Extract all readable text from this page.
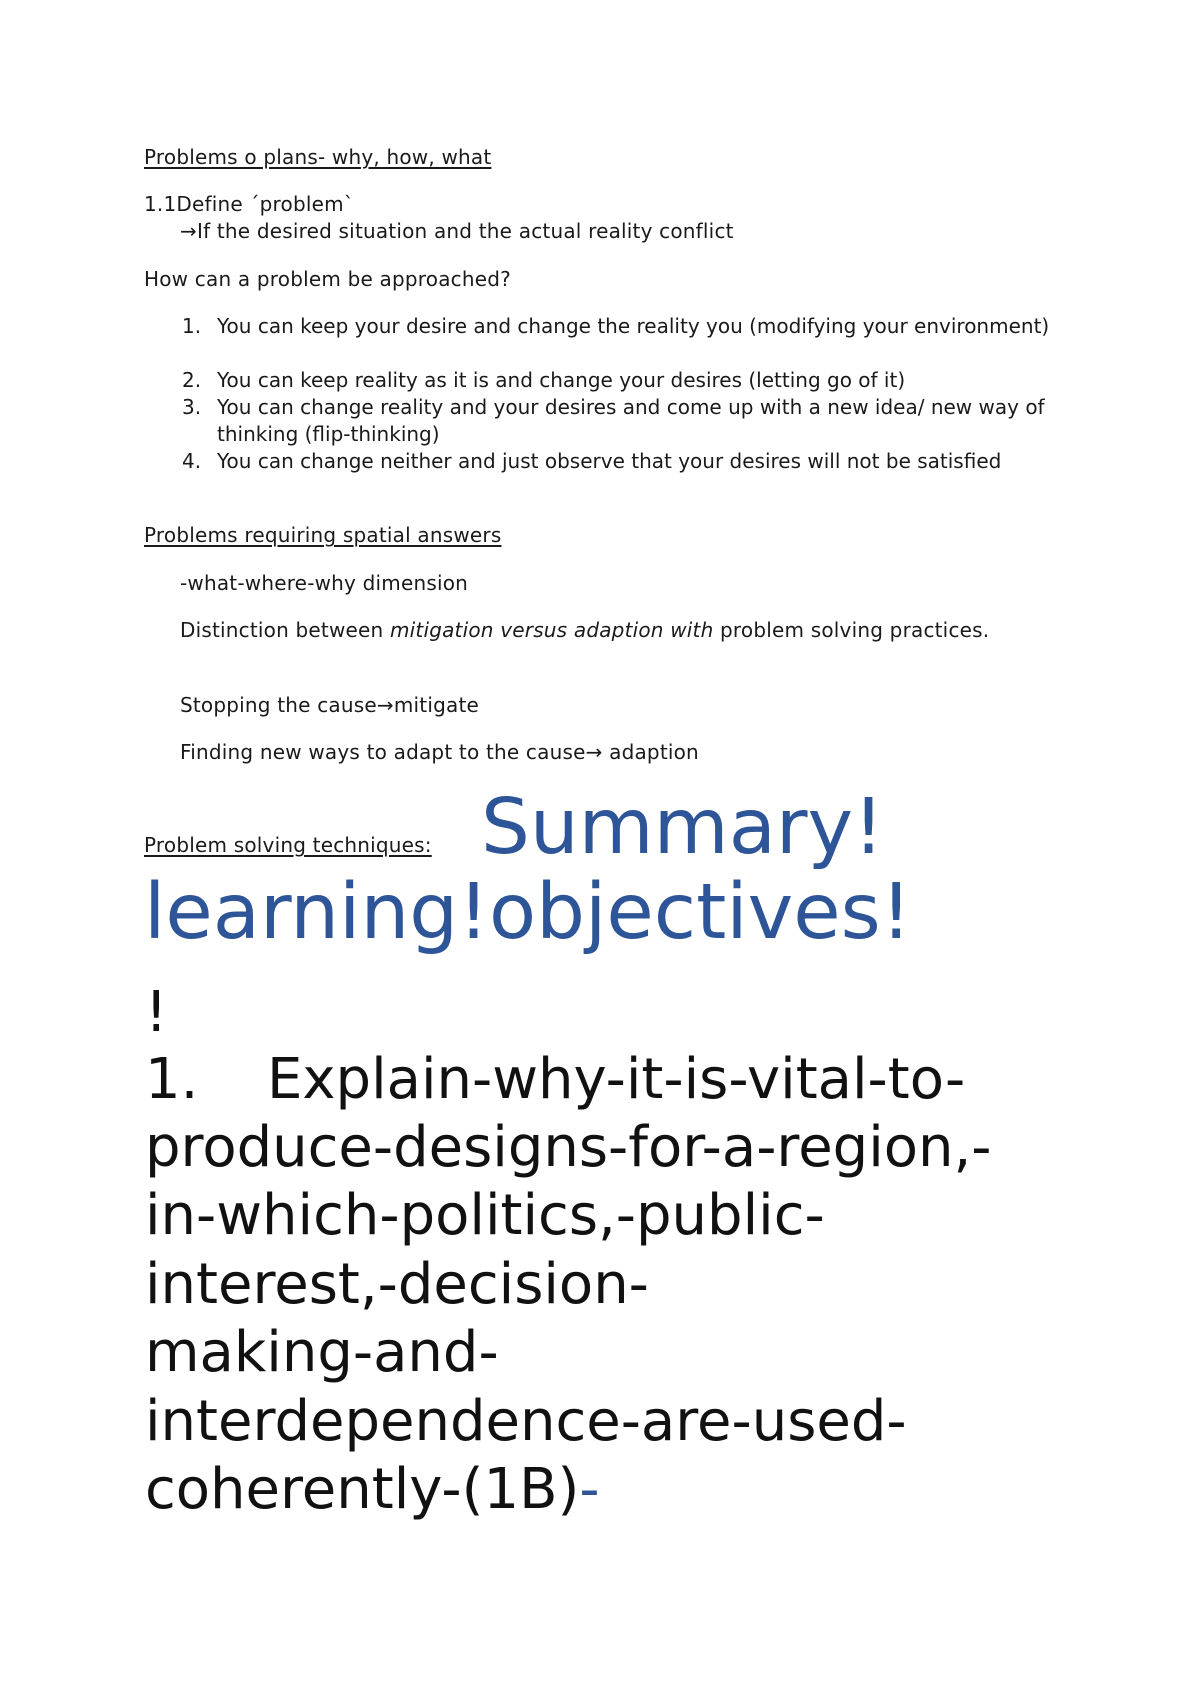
Problems o plans- why, how, what
1.1Define ´problem`
→If the desired situation and the actual reality conflict
How can a problem be approached?
1. You can keep your desire and change the reality you (modifying your environment)
2. You can keep reality as it is and change your desires (letting go of it)
3. You can change reality and your desires and come up with a new idea/ new way of thinking (flip-thinking)
4. You can change neither and just observe that your desires will not be satisfied
Problems requiring spatial answers
-what-where-why dimension
Distinction between mitigation versus adaption with problem solving practices.
Stopping the cause→mitigate
Finding new ways to adapt to the cause→ adaption
Problem solving techniques: Summary!
learning!objectives!
!
1. Explain-why-it-is-vital-to-
produce-designs-for-a-region,-
in-which-politics,-public-
interest,-decision-
making-and-
interdependence-are-used-
coherently-(1B)-
